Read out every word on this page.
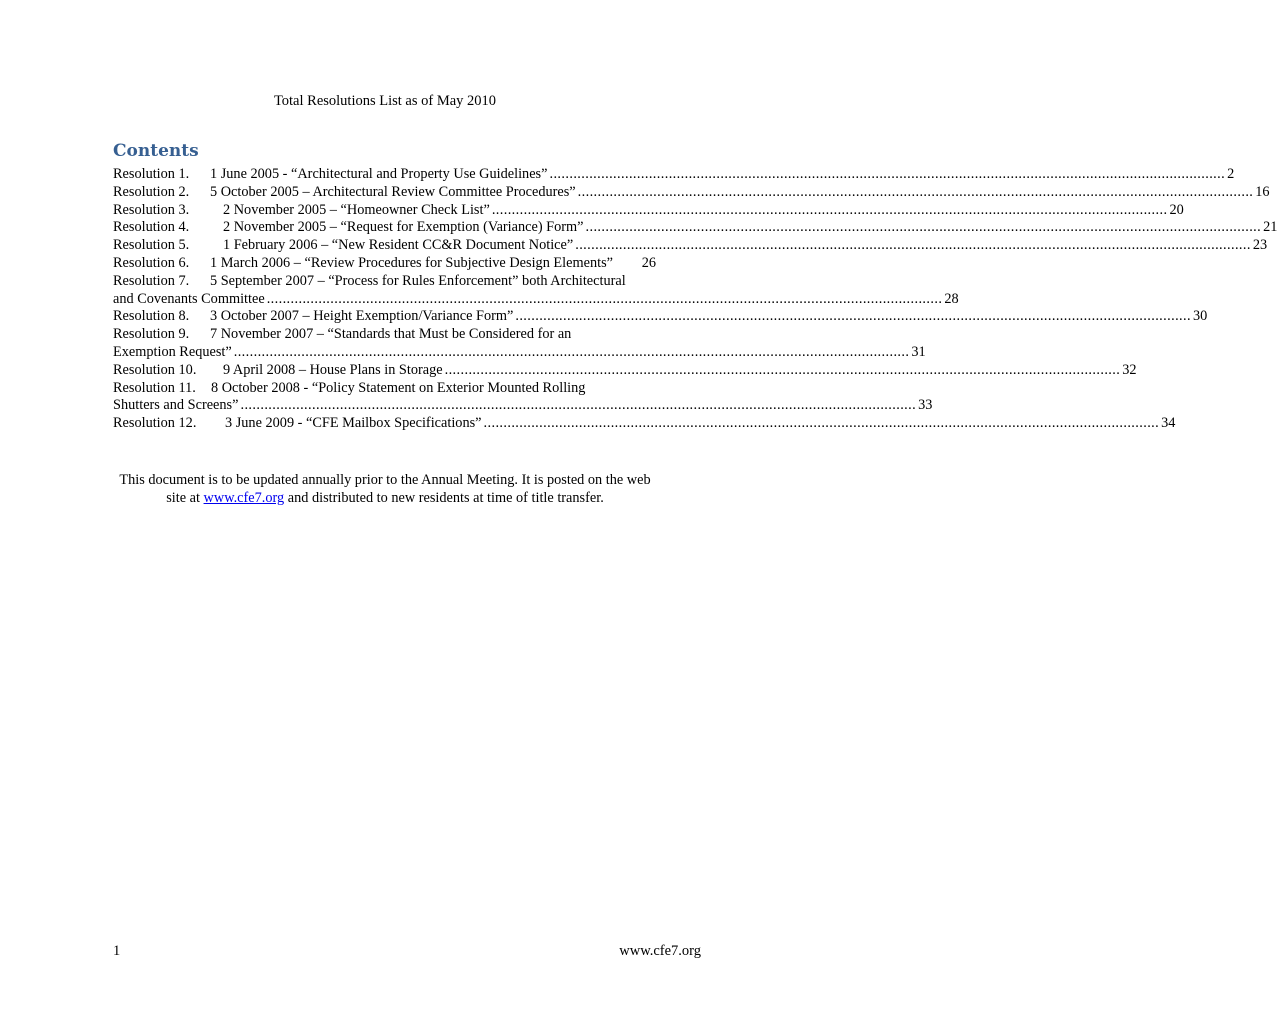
Total Resolutions List as of May 2010
Contents
Resolution 1.	1 June 2005 - “Architectural and Property Use Guidelines” .....	2
Resolution 2.	5 October 2005 – Architectural Review Committee Procedures” .....	16
Resolution 3.	2 November 2005 – “Homeowner Check List” .....	20
Resolution 4.	2 November 2005 – “Request for Exemption (Variance) Form” .....	21
Resolution 5.	1 February 2006 – “New Resident CC&R Document Notice” .....	23
Resolution 6.	1 March 2006 – “Review Procedures for Subjective Design Elements” 26
Resolution 7.	5 September 2007 – “Process for Rules Enforcement” both Architectural
and Covenants Committee .....	28
Resolution 8.	3 October 2007 – Height Exemption/Variance Form” .....	30
Resolution 9.	7 November 2007 – “Standards that Must be Considered for an
Exemption Request” .....	31
Resolution 10.	9 April 2008 – House Plans in Storage .....	32
Resolution 11.	8 October 2008 - “Policy Statement on Exterior Mounted Rolling
Shutters and Screens” .....	33
Resolution 12.	3 June 2009 - “CFE Mailbox Specifications” .....	34
This document is to be updated annually prior to the Annual Meeting. It is posted on the web site at www.cfe7.org and distributed to new residents at time of title transfer.
1	www.cfe7.org
